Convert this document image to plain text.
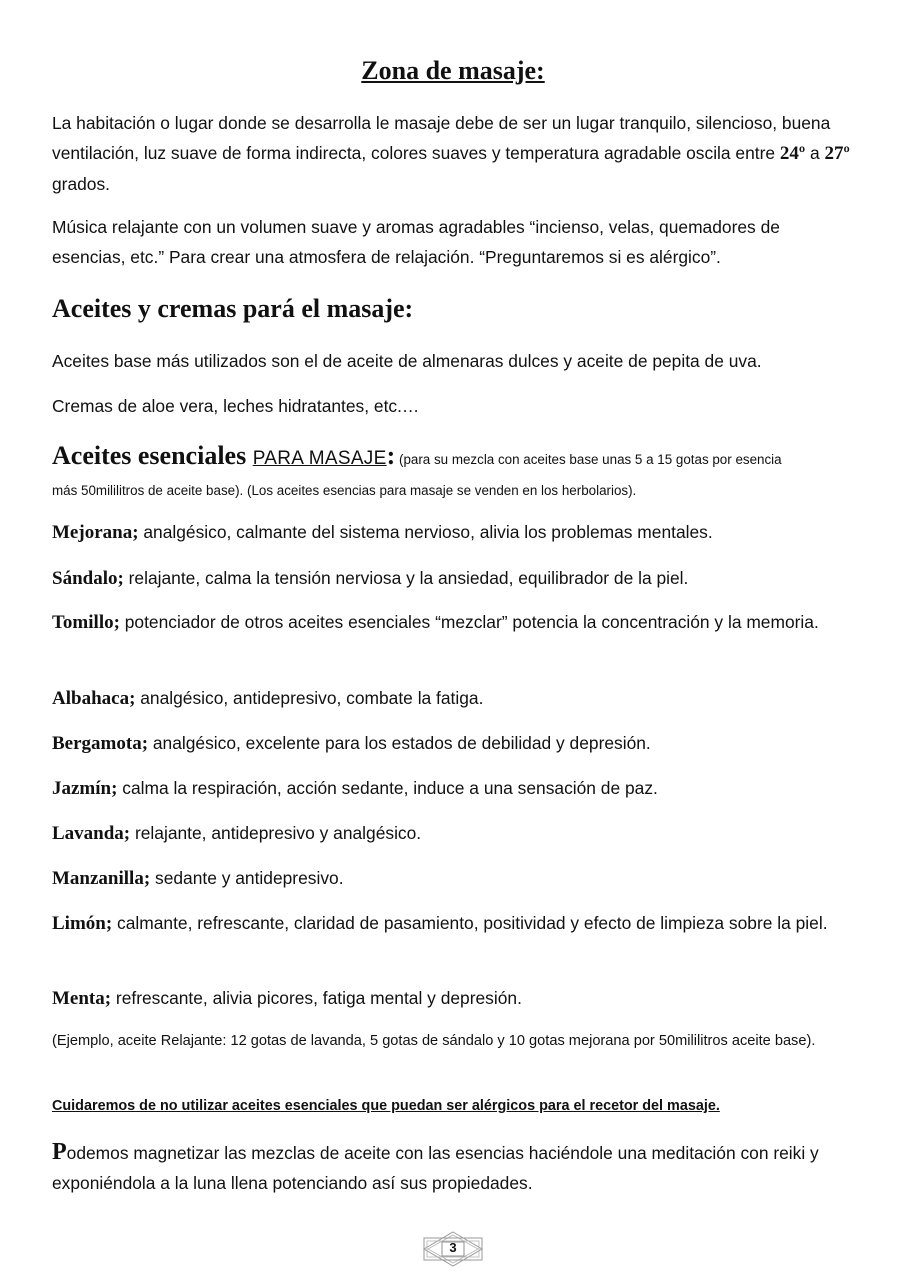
Zona de masaje:

La habitación o lugar donde se desarrolla le masaje debe de ser un lugar tranquilo, silencioso, buena ventilación, luz suave de forma indirecta, colores suaves y temperatura agradable oscila entre 24º a 27º grados.

Música relajante con un volumen suave y aromas agradables “incienso, velas, quemadores de esencias, etc.” Para crear una atmosfera de relajación. “Preguntaremos si es alérgico”.

Aceites y cremas pará el masaje:

Aceites base más utilizados son el de aceite de almenaras dulces y aceite de pepita de uva.

Cremas de aloe vera, leches hidratantes, etc.…

Aceites esenciales PARA MASAJE: (para su mezcla con aceites base unas 5 a 15 gotas por esencia
más 50mililitros de aceite base). (Los aceites esencias para masaje se venden en los herbolarios).

Mejorana; analgésico, calmante del sistema nervioso, alivia los problemas mentales.

Sándalo; relajante, calma la tensión nerviosa y la ansiedad, equilibrador de la piel.

Tomillo; potenciador de otros aceites esenciales “mezclar” potencia la concentración y la memoria.

Albahaca; analgésico, antidepresivo, combate la fatiga.

Bergamota; analgésico, excelente para los estados de debilidad y depresión.

Jazmín; calma la respiración, acción sedante, induce a una sensación de paz.

Lavanda; relajante, antidepresivo y analgésico.

Manzanilla; sedante y antidepresivo.

Limón; calmante, refrescante, claridad de pasamiento, positividad y efecto de limpieza sobre la piel.

Menta; refrescante, alivia picores, fatiga mental y depresión.

(Ejemplo, aceite Relajante: 12 gotas de lavanda, 5 gotas de sándalo y 10 gotas mejorana por 50mililitros aceite base).

Cuidaremos de no utilizar aceites esenciales que puedan ser alérgicos para el recetor del masaje.

Podemos magnetizar las mezclas de aceite con las esencias haciéndole una meditación con reiki y exponiéndola a la luna llena potenciando así sus propiedades.

3
